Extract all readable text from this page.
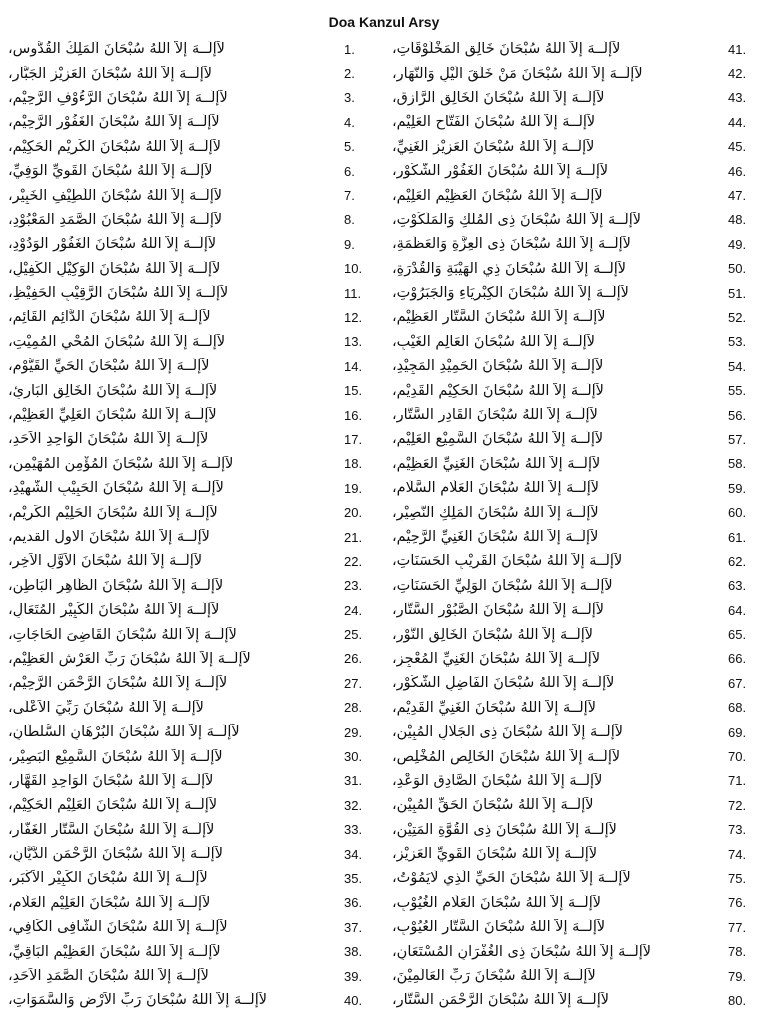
Doa Kanzul Arsy
لآإِلَــهَ إِلاَّ اللهُ سُبْحَانَ اَلْمَلِكُ الْقُدُّوسِ،	1.
لآإِلَــهَ إِلاَّ اللهُ سُبْحَانَ الْعَزِيْزِ الْجَبَّارِ،	2.
لآإِلَــهَ إِلاَّ اللهُ سُبْحَانَ الرَّءُوْفِ الرَّحِيْمِ،	3.
لآإِلَــهَ إِلاَّ اللهُ سُبْحَانَ الْغَفُوْرِ الرَّحِيْمِ،	4.
لآإِلَــهَ إِلاَّ اللهُ سُبْحَانَ الْكَرِيْمِ الْحَكِيْمِ،	5.
لآإِلَــهَ إِلاَّ اللهُ سُبْحَانَ الْقَوِيِّ الْوَفِيِّ،	6.
لآإِلَــهَ إِلاَّ اللهُ سُبْحَانَ اللَّطِيْفِ الْخَبِيْرِ،	7.
لآإِلَــهَ إِلاَّ اللهُ سُبْحَانَ الصَّمَدِ الْمَعْبُوْدِ،	8.
لآإِلَــهَ إِلاَّ اللهُ سُبْحَانَ الْغَفُوْرِ الْوَدُوْدِ،	9.
لآإِلَــهَ إِلاَّ اللهُ سُبْحَانَ الْوَكِيْلِ الْكَفِيْلِ،	10.
لآإِلَــهَ إِلاَّ اللهُ سُبْحَانَ الرَّقِيْبِ الْحَفِيْظِ،	11.
لآإِلَــهَ إِلاَّ اللهُ سُبْحَانَ الدَّائِمِ الْقَائِمِ،	12.
لآإِلَــهَ إِلاَّ اللهُ سُبْحَانَ الْمُحْيِ الْمُمِيْتِ،	13.
لآإِلَــهَ إِلاَّ اللهُ سُبْحَانَ الْحَيِّ الْقَيُّوْمِ،	14.
لآإِلَــهَ إِلاَّ اللهُ سُبْحَانَ الْخَالِقِ الْبَارِئِ،	15.
لآإِلَــهَ إِلاَّ اللهُ سُبْحَانَ الْعَلِيِّ الْعَظِيْمِ،	16.
لآإِلَــهَ إِلاَّ اللهُ سُبْحَانَ الْوَاحِدِ الْاَحَدِ،	17.
لآإِلَــهَ إِلاَّ اللهُ سُبْحَانَ الْمُؤْمِنِ الْمُهَيْمِنِ،	18.
لآإِلَــهَ إِلاَّ اللهُ سُبْحَانَ الْحَبِيْبِ الشَّهِيْدِ،	19.
لآإِلَــهَ إِلاَّ اللهُ سُبْحَانَ الْحَلِيْمِ الْكَرِيْمِ،	20.
لآإِلَــهَ إِلاَّ اللهُ سُبْحَانَ الاول القديم،	21.
لآإِلَــهَ إِلاَّ اللهُ سُبْحَانَ الْاَوَّلِ الْاَخِرِ،	22.
لآإِلَــهَ إِلاَّ اللهُ سُبْحَانَ الظَّاهِرِ الْبَاطِنِ،	23.
لآإِلَــهَ إِلاَّ اللهُ سُبْحَانَ الْكَبِيْرِ الْمُتَعَالِ،	24.
لآإِلَــهَ إِلاَّ اللهُ سُبْحَانَ الْقَاضِىَ الْحَاجَاتِ،	25.
لآإِلَــهَ إِلاَّ اللهُ سُبْحَانَ رَبِّ الْعَرْشِ الْعَظِيْمِ،	26.
لآإِلَــهَ إِلاَّ اللهُ سُبْحَانَ الرَّحْمَنِ الرَّحِيْمِ،	27.
لآإِلَــهَ إِلاَّ اللهُ سُبْحَانَ رَبِّيَ الْاَعْلَى،	28.
لآإِلَــهَ إِلاَّ اللهُ سُبْحَانَ الْبُرْهَانِ السُّلْطَانِ،	29.
لآإِلَــهَ إِلاَّ اللهُ سُبْحَانَ السَّمِيْعِ الْبَصِيْرِ،	30.
لآإِلَــهَ إِلاَّ اللهُ سُبْحَانَ الْوَاحِدِ الْقَهَّارِ،	31.
لآإِلَــهَ إِلاَّ اللهُ سُبْحَانَ الْعَلِيْمِ الْحَكِيْمِ،	32.
لآإِلَــهَ إِلاَّ اللهُ سُبْحَانَ السَّتَّارِ الْغَفَّارِ،	33.
لآإِلَــهَ إِلاَّ اللهُ سُبْحَانَ الرَّحْمَنِ الدَّيَّانِ،	34.
لآإِلَــهَ إِلاَّ اللهُ سُبْحَانَ الْكَبِيْرِ الْاَكْبَرِ،	35.
لآإِلَــهَ إِلاَّ اللهُ سُبْحَانَ الْعَلِيْمِ الْعَلَّامِ،	36.
لآإِلَــهَ إِلاَّ اللهُ سُبْحَانَ الشَّافِى الْكَافِي،	37.
لآإِلَــهَ إِلاَّ اللهُ سُبْحَانَ الْعَظِيْمِ الْبَاقِيِّ،	38.
لآإِلَــهَ إِلاَّ اللهُ سُبْحَانَ الصَّمَدِ الْاَحَدِ،	39.
لآإِلَــهَ إِلاَّ اللهُ سُبْحَانَ رَبِّ الْاَرْضِ وَالسَّمَوَاتِ،	40.
لآإِلَــهَ إِلاَّ اللهُ سُبْحَانَ خَالِقِ الْمَخْلُوْقَاتِ،	41.
لآإِلَــهَ إِلاَّ اللهُ سُبْحَانَ مَنْ خَلَقَ الَّيْلِ وَالنَّهَارِ،	42.
لآإِلَــهَ إِلاَّ اللهُ سُبْحَانَ الْخَالِقِ الرَّازِقِ،	43.
لآإِلَــهَ إِلاَّ اللهُ سُبْحَانَ الْفَتَّاحِ الْعَلِيْمِ،	44.
لآإِلَــهَ إِلاَّ اللهُ سُبْحَانَ الْعَزِيْزِ الْغَنِيِّ،	45.
لآإِلَــهَ إِلاَّ اللهُ سُبْحَانَ الْغَفُوْرِ الشَّكُوْرِ،	46.
لآإِلَــهَ إِلاَّ اللهُ سُبْحَانَ الْعَظِيْمِ الْعَلِيْمِ،	47.
لآإِلَــهَ إِلاَّ اللهُ سُبْحَانَ ذِى الْمُلْكِ وَالْمَلَكُوْتِ،	48.
لآإِلَــهَ إِلاَّ اللهُ سُبْحَانَ ذِى الْعِزَّةِ وَالْعَظَمَةِ،	49.
لآإِلَــهَ إِلاَّ اللهُ سُبْحَانَ ذِي الْهَيْبَةِ وَالْقُدْرَةِ،	50.
لآإِلَــهَ إِلاَّ اللهُ سُبْحَانَ الْكِبْرِيَاءِ وَالْجَبَرُوْتِ،	51.
لآإِلَــهَ إِلاَّ اللهُ سُبْحَانَ السَّتَّارِ الْعَظِيْمِ،	52.
لآإِلَــهَ إِلاَّ اللهُ سُبْحَانَ الْعَالِمِ الْغَيْبِ،	53.
لآإِلَــهَ إِلاَّ اللهُ سُبْحَانَ الْحَمِيْدِ الْمَجِيْدِ،	54.
لآإِلَــهَ إِلاَّ اللهُ سُبْحَانَ الْحَكِيْمِ الْقَدِيْمِ،	55.
لآإِلَــهَ إِلاَّ اللهُ سُبْحَانَ الْقَادِرِ السَّتَّارِ،	56.
لآإِلَــهَ إِلاَّ اللهُ سُبْحَانَ السَّمِيْعِ الْعَلِيْمِ،	57.
لآإِلَــهَ إِلاَّ اللهُ سُبْحَانَ الْغَنِيِّ الْعَظِيْمِ،	58.
لآإِلَــهَ إِلاَّ اللهُ سُبْحَانَ الْعَلَّامِ السَّلَامِ،	59.
لآإِلَــهَ إِلاَّ اللهُ سُبْحَانَ الْمَلِكِ النَّصِيْرِ،	60.
لآإِلَــهَ إِلاَّ اللهُ سُبْحَانَ الْغَنِيِّ الرَّحِيْمِ،	61.
لآإِلَــهَ إِلاَّ اللهُ سُبْحَانَ الْقَرِيْبِ الْحَسَنَاتِ،	62.
لآإِلَــهَ إِلاَّ اللهُ سُبْحَانَ الْوَلِيِّ الْحَسَنَاتِ،	63.
لآإِلَــهَ إِلاَّ اللهُ سُبْحَانَ الصَّبُوْرِ السَّتَّارِ،	64.
لآإِلَــهَ إِلاَّ اللهُ سُبْحَانَ الْخَالِقِ النُّوْرِ،	65.
لآإِلَــهَ إِلاَّ اللهُ سُبْحَانَ الْغَنِيِّ الْمُعْجِزِ،	66.
لآإِلَــهَ إِلاَّ اللهُ سُبْحَانَ الْفَاضِلِ الشَّكُوْرِ،	67.
لآإِلَــهَ إِلاَّ اللهُ سُبْحَانَ الْغَنِيِّ الْقَدِيْمِ،	68.
لآإِلَــهَ إِلاَّ اللهُ سُبْحَانَ ذِى الْجَلَالِ الْمُبِيْنِ،	69.
لآإِلَــهَ إِلاَّ اللهُ سُبْحَانَ الْخَالِصِ الْمُخْلِصِ،	70.
لآإِلَــهَ إِلاَّ اللهُ سُبْحَانَ الصَّادِقِ الْوَعْدِ،	71.
لآإِلَــهَ إِلاَّ اللهُ سُبْحَانَ الْحَقِّ الْمُبِيْنِ،	72.
لآإِلَــهَ إِلاَّ اللهُ سُبْحَانَ ذِى الْقُوَّةِ الْمَتِيْنِ،	73.
لآإِلَــهَ إِلاَّ اللهُ سُبْحَانَ الْقَوِيِّ الْعَزِيْزِ،	74.
لآإِلَــهَ إِلاَّ اللهُ سُبْحَانَ الْحَيِّ الَّذِي لَايَمُوْتُ،	75.
لآإِلَــهَ إِلاَّ اللهُ سُبْحَانَ الْعَلَّامِ الْغُيُوْبِ،	76.
لآإِلَــهَ إِلاَّ اللهُ سُبْحَانَ السَّتَّارِ الْعُيُوْبِ،	77.
لآإِلَــهَ إِلاَّ اللهُ سُبْحَانَ ذِى الْغُفْرَانِ الْمُسْتَعَانِ،	78.
لآإِلَــهَ إِلاَّ اللهُ سُبْحَانَ رَبِّ الْعَالَمِيْنَ،	79.
لآإِلَــهَ إِلاَّ اللهُ سُبْحَانَ الرَّحْمَنِ السَّتَّارِ،	80.
